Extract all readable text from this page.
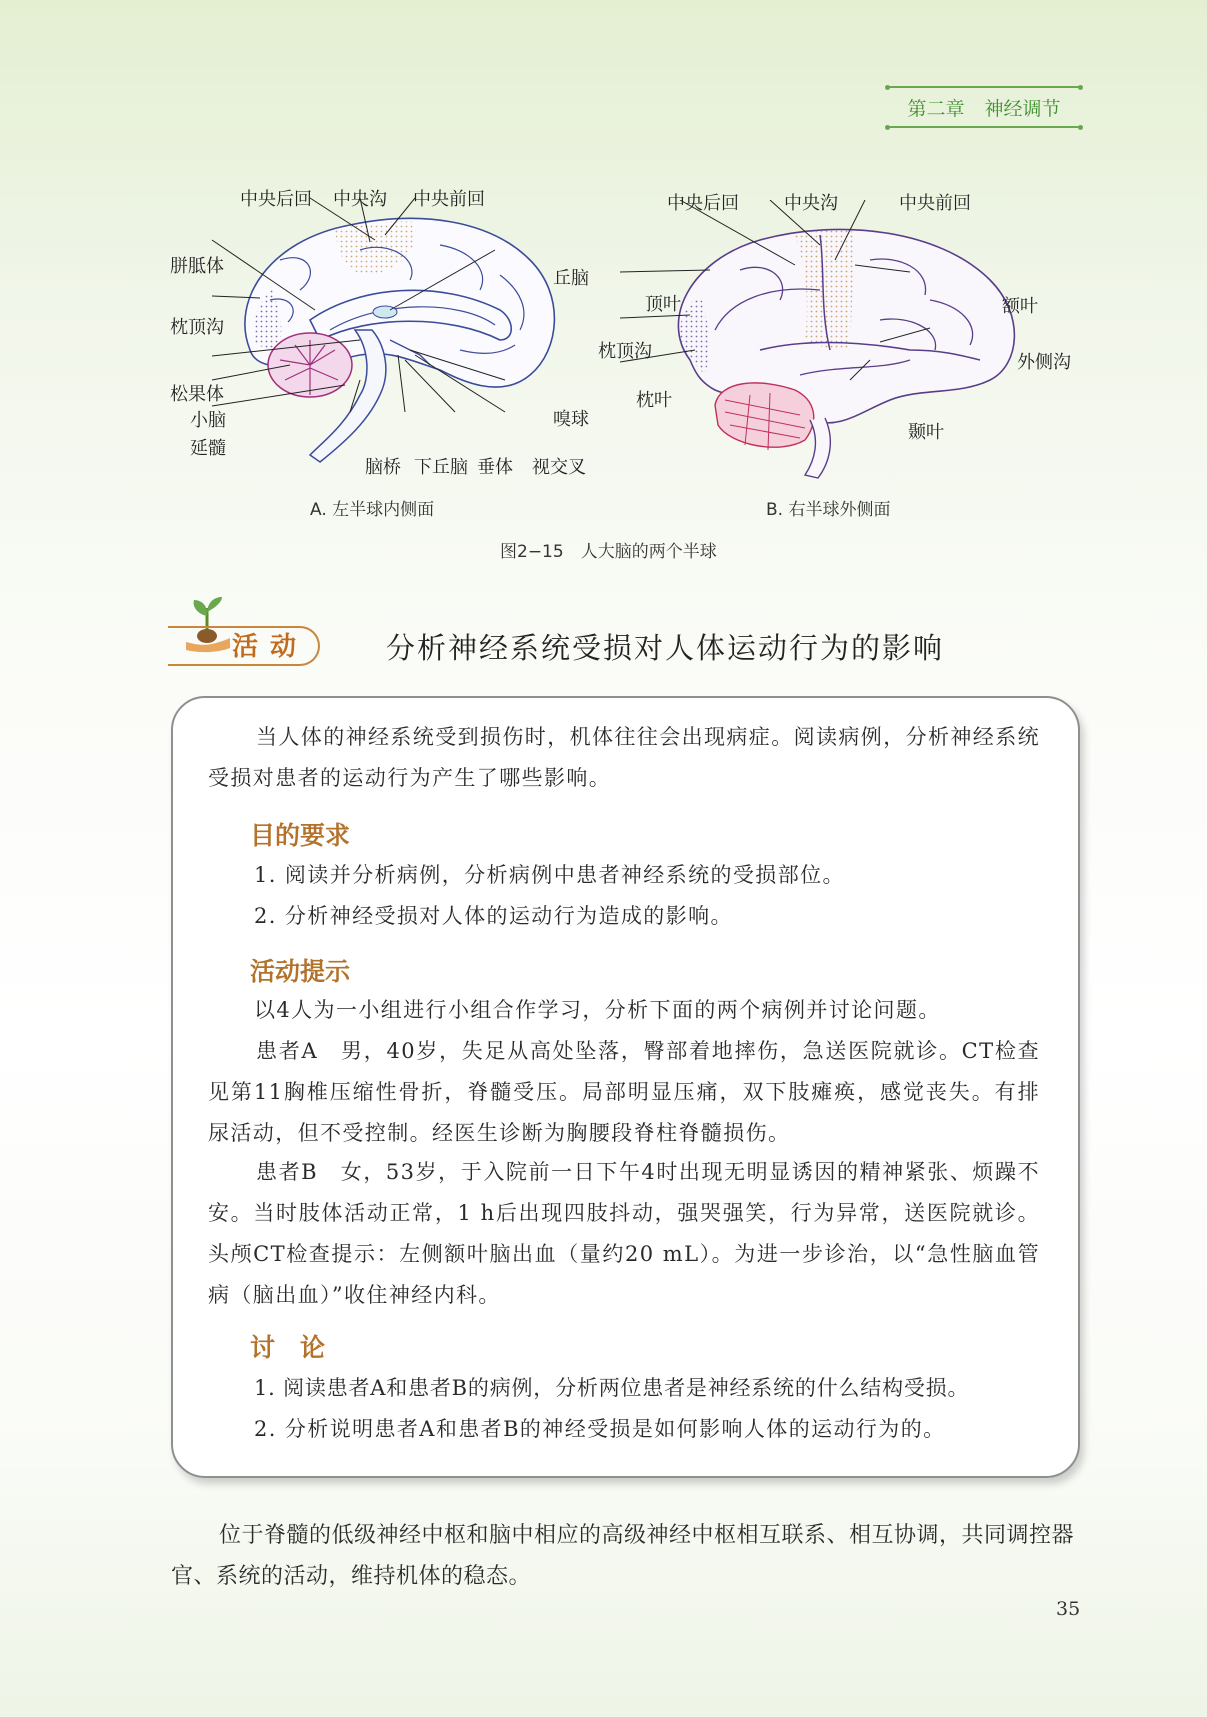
第二章 神经调节
中央后回 中央沟 中央前回
胼胝体
丘脑
枕顶沟
松果体
小脑
延髓
嗅球
脑桥 下丘脑 垂体 视交叉
中央后回	中央沟	中央前回
顶叶	额叶
枕顶沟
外侧沟
枕叶
颞叶
A. 左半球内侧面	B. 右半球外侧面
图2−15　人大脑的两个半球
活动	分析神经系统受损对人体运动行为的影响
当人体的神经系统受到损伤时，机体往往会出现病症。阅读病例，分析神经系统受损对患者的运动行为产生了哪些影响。
目的要求
1. 阅读并分析病例，分析病例中患者神经系统的受损部位。
2. 分析神经受损对人体的运动行为造成的影响。
活动提示
以4人为一小组进行小组合作学习，分析下面的两个病例并讨论问题。
患者A　男，40岁，失足从高处坠落，臀部着地摔伤，急送医院就诊。CT检查见第11胸椎压缩性骨折，脊髓受压。局部明显压痛，双下肢瘫痪，感觉丧失。有排尿活动，但不受控制。经医生诊断为胸腰段脊柱脊髓损伤。
患者B　女，53岁，于入院前一日下午4时出现无明显诱因的精神紧张、烦躁不安。当时肢体活动正常，1 h后出现四肢抖动，强哭强笑，行为异常，送医院就诊。头颅CT检查提示：左侧额叶脑出血（量约20 mL）。为进一步诊治，以“急性脑血管病（脑出血）”收住神经内科。
讨　论
1. 阅读患者A和患者B的病例，分析两位患者是神经系统的什么结构受损。
2. 分析说明患者A和患者B的神经受损是如何影响人体的运动行为的。
位于脊髓的低级神经中枢和脑中相应的高级神经中枢相互联系、相互协调，共同调控器官、系统的活动，维持机体的稳态。
35
